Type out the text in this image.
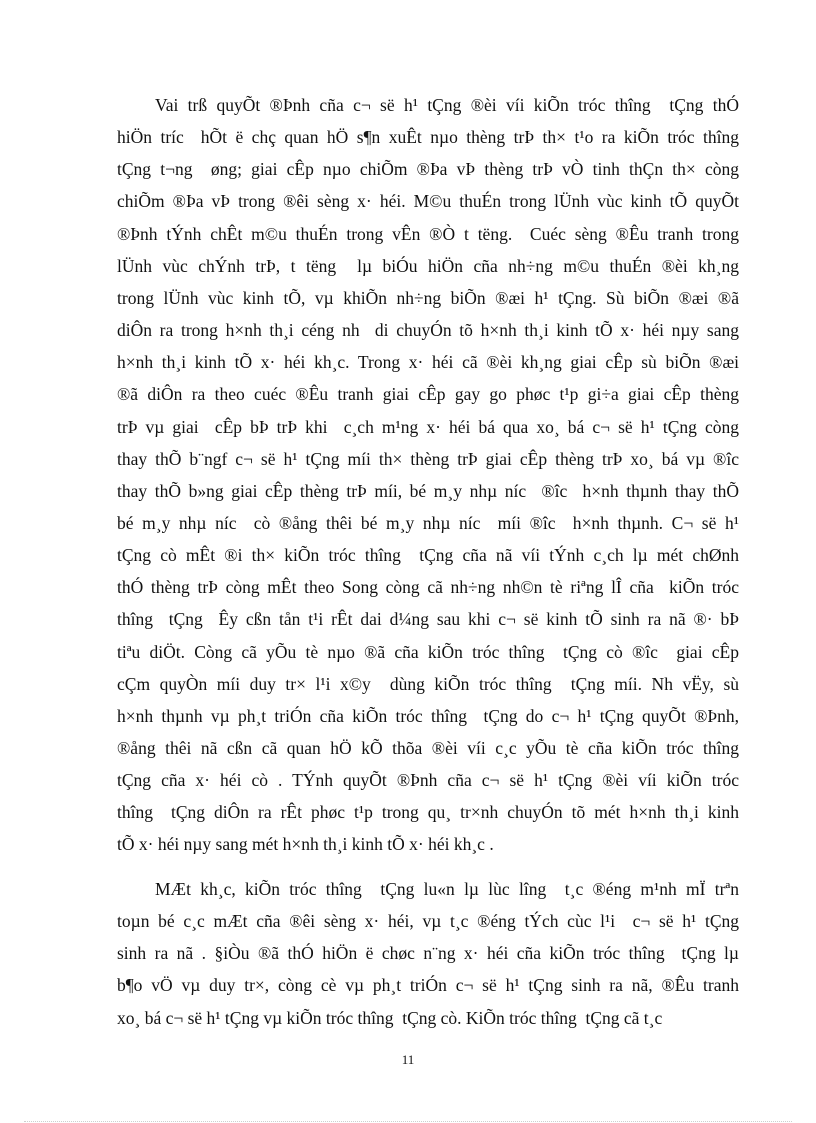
11
Vai trß quyÕt ®Þnh cña c¬ së h¹ tÇng ®èi víi kiÕn tróc thîng  tÇng thÓ
hiÖn tríc  hÕt ë chç quan hÖ s¶n xuÊt nµo thèng trÞ th× t¹o ra kiÕn tróc thîng
tÇng t¬ng  øng; giai cÊp nµo chiÕm ®Þa vÞ thèng trÞ vÒ tinh thÇn th× còng
chiÕm ®Þa vÞ trong ®êi sèng x· héi. M©u thuÉn trong lÜnh vùc kinh tÕ quyÕt
®Þnh tÝnh chÊt m©u thuÉn trong vÊn ®Ò t tëng.  Cuéc sèng ®Êu tranh trong
lÜnh vùc chÝnh trÞ, t tëng  lµ biÓu hiÖn cña nh÷ng m©u thuÉn ®èi kh¸ng
trong lÜnh vùc kinh tÕ, vµ khiÕn nh÷ng biÕn ®æi h¹ tÇng. Sù biÕn ®æi ®ã
diÔn ra trong h×nh th¸i céng nh  di chuyÓn tõ h×nh th¸i kinh tÕ x· héi nµy sang
h×nh th¸i kinh tÕ x· héi kh¸c. Trong x· héi cã ®èi kh¸ng giai cÊp sù biÕn ®æi
®ã diÔn ra theo cuéc ®Êu tranh giai cÊp gay go phøc t¹p gi÷a giai cÊp thèng
trÞ vµ giai  cÊp bÞ trÞ khi  c¸ch m¹ng x· héi bá qua xo¸ bá c¬ së h¹ tÇng còng
thay thÕ b¨ngf c¬ së h¹ tÇng míi th× thèng trÞ giai cÊp thèng trÞ xo¸ bá vµ ®îc
thay thÕ b»ng giai cÊp thèng trÞ míi, bé m¸y nhµ níc  ®îc  h×nh thµnh thay thÕ
bé m¸y nhµ níc  cò ®ång thêi bé m¸y nhµ níc  míi ®îc  h×nh thµnh. C¬ së h¹
tÇng cò mÊt ®i th× kiÕn tróc thîng  tÇng cña nã víi tÝnh c¸ch lµ mét chØnh
thÓ thèng trÞ còng mÊt theo Song còng cã nh÷ng nh©n tè riªng lÎ cña  kiÕn tróc
thîng  tÇng  Êy cßn tån t¹i rÊt dai d¼ng sau khi c¬ së kinh tÕ sinh ra nã ®· bÞ
tiªu diÖt. Còng cã yÕu tè nµo ®ã cña kiÕn tróc thîng  tÇng cò ®îc  giai cÊp
cÇm quyÒn míi duy tr× l¹i x©y  dùng kiÕn tróc thîng  tÇng míi. Nh vËy, sù
h×nh thµnh vµ ph¸t triÓn cña kiÕn tróc thîng  tÇng do c¬ h¹ tÇng quyÕt ®Þnh,
®ång thêi nã cßn cã quan hÖ kÕ thõa ®èi víi c¸c yÕu tè cña kiÕn tróc thîng
tÇng cña x· héi cò . TÝnh quyÕt ®Þnh cña c¬ së h¹ tÇng ®èi víi kiÕn tróc
thîng  tÇng diÔn ra rÊt phøc t¹p trong qu¸ tr×nh chuyÓn tõ mét h×nh th¸i kinh
tÕ x· héi nµy sang mét h×nh th¸i kinh tÕ x· héi kh¸c .
MÆt kh¸c, kiÕn tróc thîng  tÇng lu«n lµ lùc lîng  t¸c ®éng m¹nh mÏ trªn
toµn bé c¸c mÆt cña ®êi sèng x· héi, vµ t¸c ®éng tÝch cùc l¹i  c¬ së h¹ tÇng
sinh ra nã . §iÒu ®ã thÓ hiÖn ë chøc n¨ng x· héi cña kiÕn tróc thîng  tÇng lµ
b¶o vÖ vµ duy tr×, còng cè vµ ph¸t triÓn c¬ së h¹ tÇng sinh ra nã, ®Êu tranh
xo¸ bá c¬ së h¹ tÇng vµ kiÕn tróc thîng  tÇng cò. KiÕn tróc thîng  tÇng cã t¸c
